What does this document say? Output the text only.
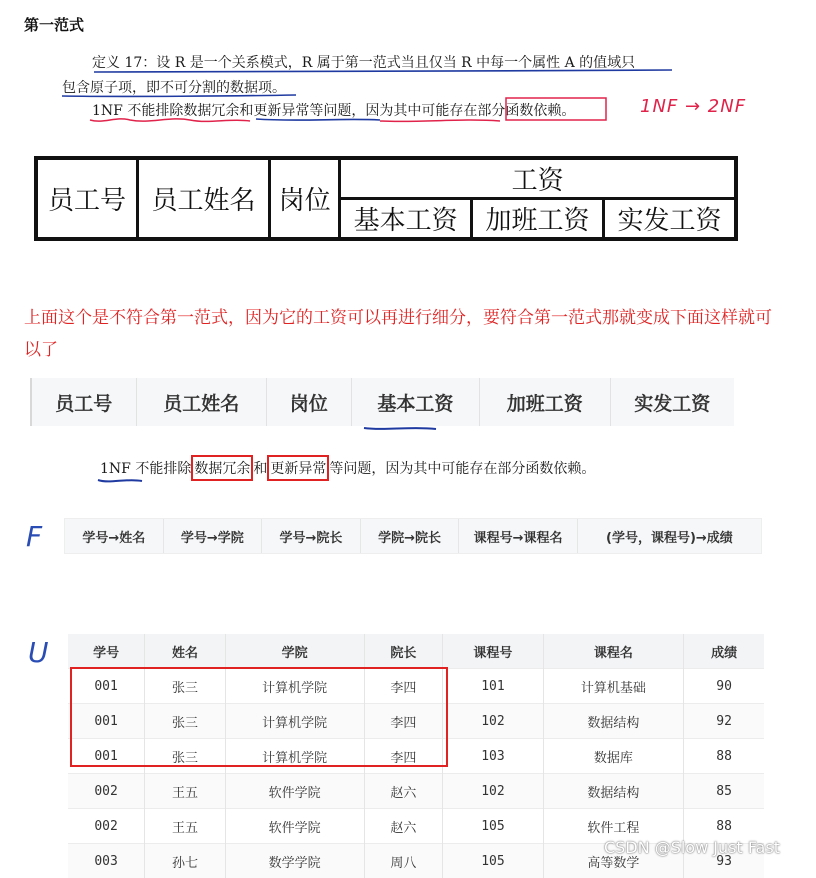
第一范式
定义 17：设 R 是一个关系模式，R 属于第一范式当且仅当 R 中每一个属性 A 的值域只
包含原子项，即不可分割的数据项。
1NF 不能排除数据冗余和更新异常等问题，因为其中可能存在部分函数依赖。	1NF → 2NF
员工号	员工姓名	岗位	工资		
			基本工资	加班工资	实发工资
上面这个是不符合第一范式，因为它的工资可以再进行细分，要符合第一范式那就变成下面这样就可以了
员工号	员工姓名	岗位	基本工资	加班工资	实发工资
1NF 不能排除 数据冗余 和 更新异常 等问题，因为其中可能存在部分函数依赖。
F	学号→姓名	学号→学院	学号→院长	学院→院长	课程号→课程名	(学号，课程号)→成绩
U	学号	姓名	学院	院长	课程号	课程名	成绩
001	张三	计算机学院	李四	101	计算机基础	90
001	张三	计算机学院	李四	102	数据结构	92
001	张三	计算机学院	李四	103	数据库	88
002	王五	软件学院	赵六	102	数据结构	85
002	王五	软件学院	赵六	105	软件工程	88
003	孙七	数学学院	周八	105	高等数学	93
CSDN @Slow Just Fast
